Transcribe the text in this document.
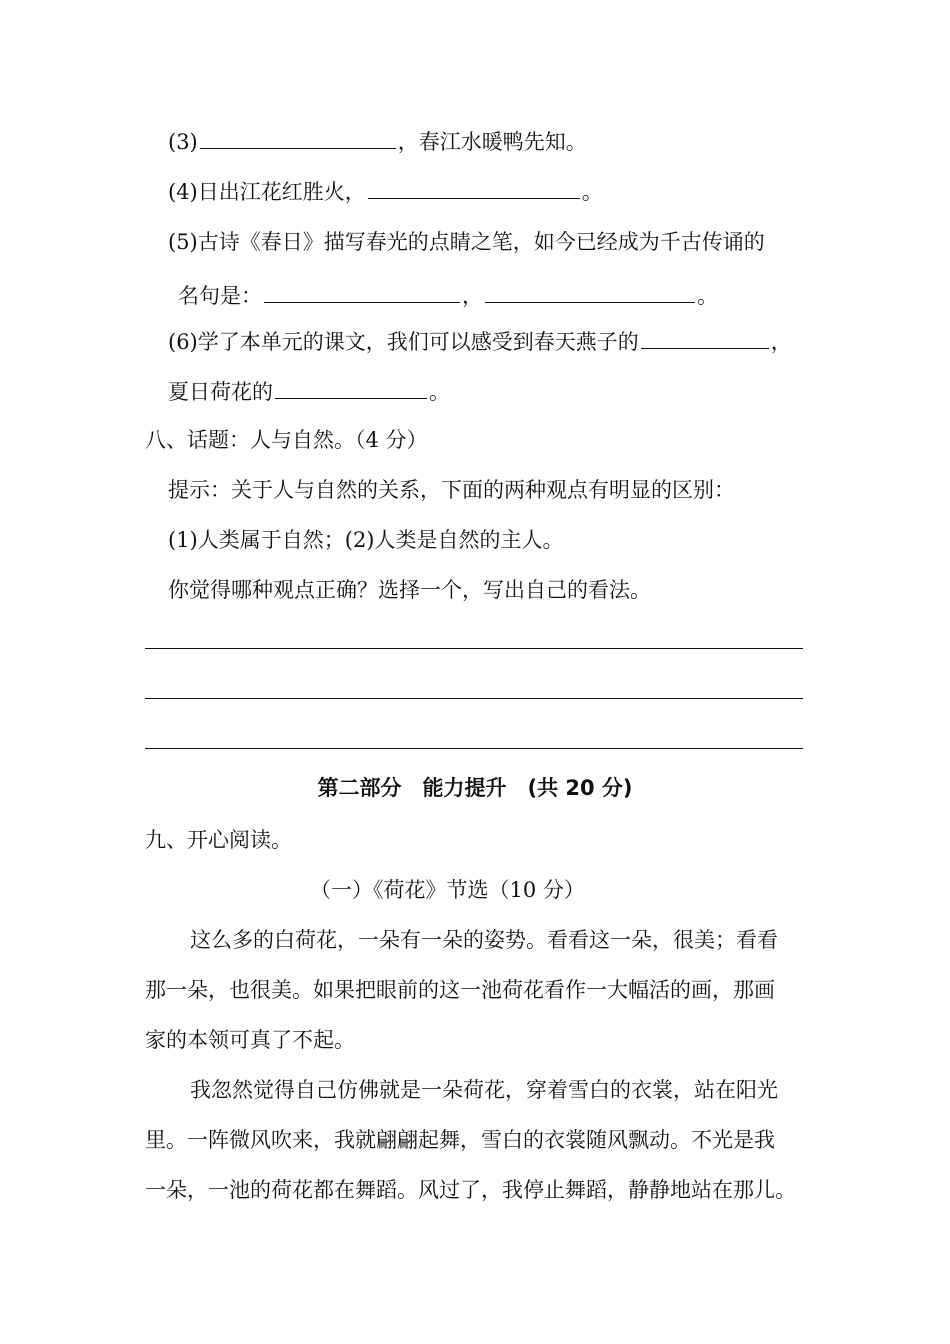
(3)	，春江水暖鸭先知。
(4)日出江花红胜火，	。
(5)古诗《春日》描写春光的点睛之笔，如今已经成为千古传诵的
名句是：	，	。
(6)学了本单元的课文，我们可以感受到春天燕子的	，
夏日荷花的	。
八、话题：人与自然。（4 分）
提示：关于人与自然的关系，下面的两种观点有明显的区别：
(1)人类属于自然；(2)人类是自然的主人。
你觉得哪种观点正确？选择一个，写出自己的看法。
第二部分　能力提升　(共 20 分)
九、开心阅读。
（一）《荷花》节选（10 分）
这么多的白荷花，一朵有一朵的姿势。看看这一朵，很美；看看
那一朵，也很美。如果把眼前的这一池荷花看作一大幅活的画，那画
家的本领可真了不起。
我忽然觉得自己仿佛就是一朵荷花，穿着雪白的衣裳，站在阳光
里。一阵微风吹来，我就翩翩起舞，雪白的衣裳随风飘动。不光是我
一朵，一池的荷花都在舞蹈。风过了，我停止舞蹈，静静地站在那儿。
